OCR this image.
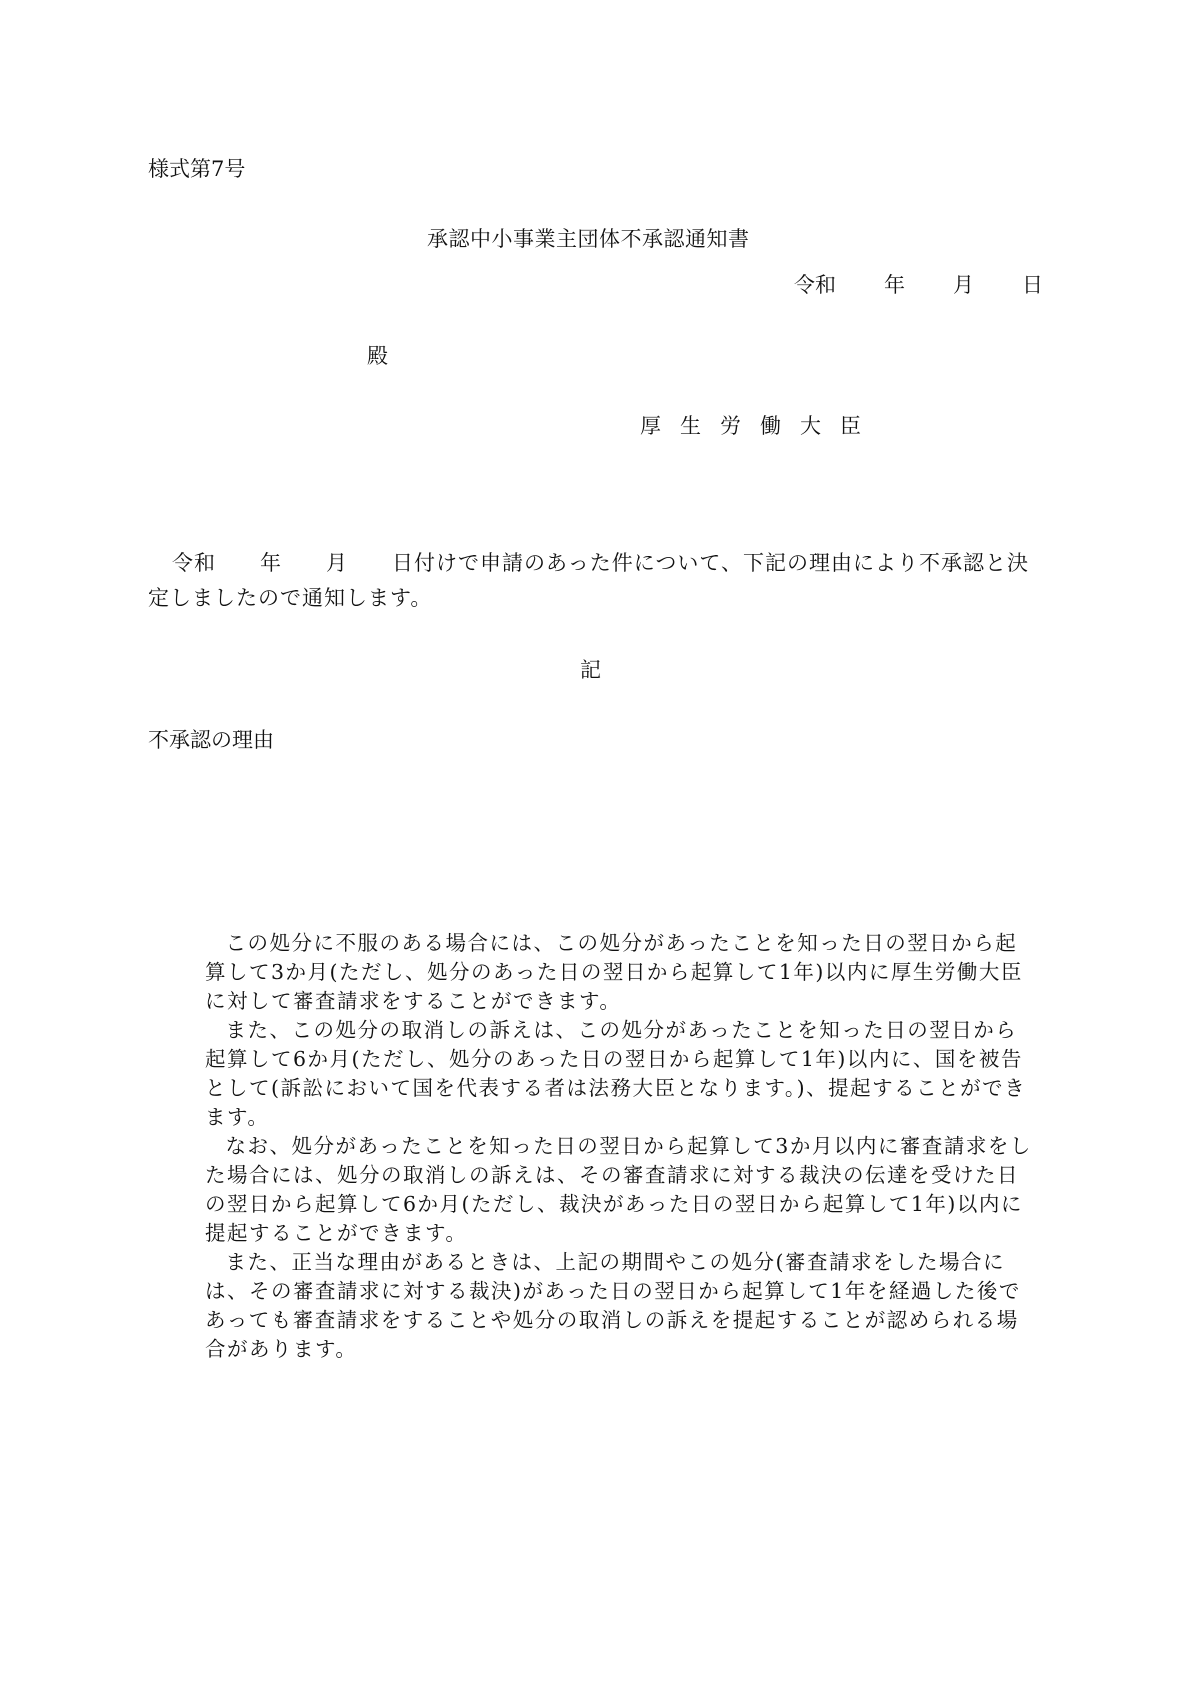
様式第7号
承認中小事業主団体不承認通知書
令和 年 月 日
殿
厚生労働大臣
令和 年 月 日付けで申請のあった件について、下記の理由により不承認と決定しましたので通知します。
記
不承認の理由

この処分に不服のある場合には、この処分があったことを知った日の翌日から起算して3か月(ただし、処分のあった日の翌日から起算して1年)以内に厚生労働大臣に対して審査請求をすることができます。

また、この処分の取消しの訴えは、この処分があったことを知った日の翌日から起算して6か月(ただし、処分のあった日の翌日から起算して1年)以内に、国を被告として(訴訟において国を代表する者は法務大臣となります。)、提起することができます。

なお、処分があったことを知った日の翌日から起算して3か月以内に審査請求をした場合には、処分の取消しの訴えは、その審査請求に対する裁決の伝達を受けた日の翌日から起算して6か月(ただし、裁決があった日の翌日から起算して1年)以内に提起することができます。

また、正当な理由があるときは、上記の期間やこの処分(審査請求をした場合には、その審査請求に対する裁決)があった日の翌日から起算して1年を経過した後であっても審査請求をすることや処分の取消しの訴えを提起することが認められる場合があります。
